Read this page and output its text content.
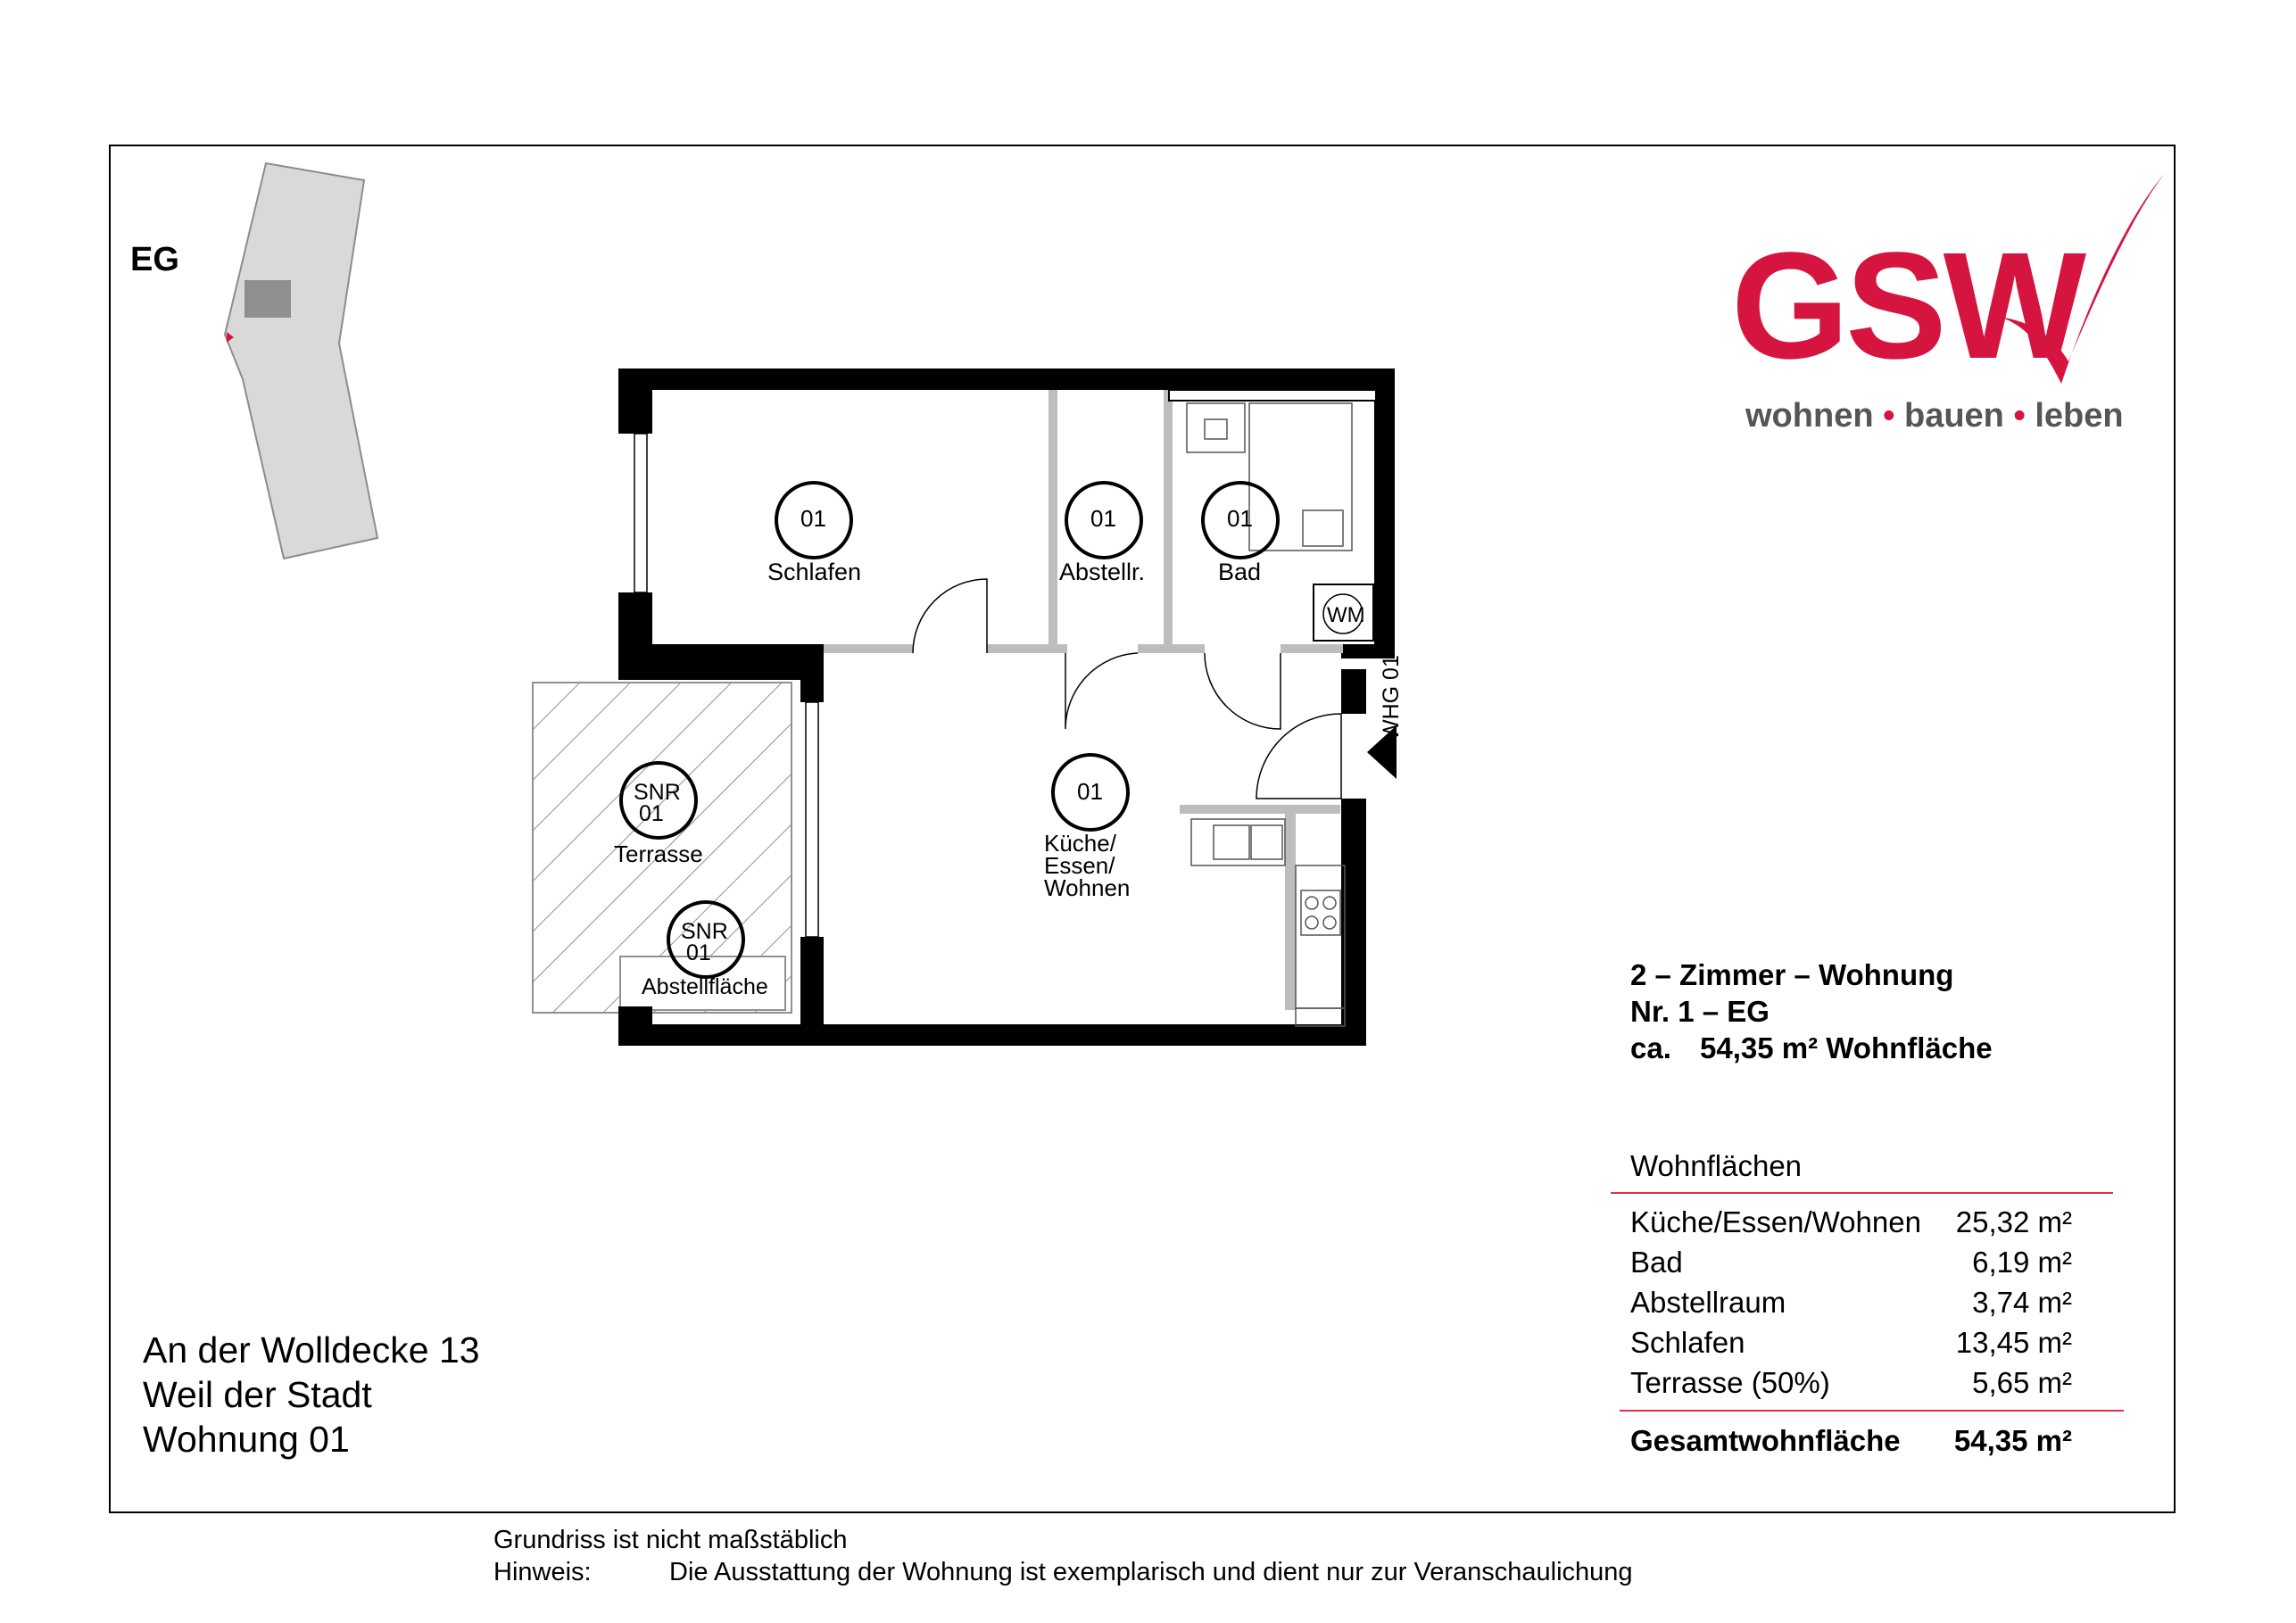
EG	GSW
wohnen • bauen • leben
01
Schlafen
01
Abstellr.
01
Bad
WM
01
Küche/
Essen/
Wohnen
SNR
01
Terrasse
SNR
01
Abstellfläche
WHG 01
2 – Zimmer – Wohnung
Nr. 1 – EG
ca. 54,35 m² Wohnfläche
Wohnflächen
Küche/Essen/Wohnen 25,32 m²
Bad	6,19 m²
Abstellraum	3,74 m²
Schlafen	13,45 m²
Terrasse (50%)	5,65 m²
Gesamtwohnfläche 54,35 m²
An der Wolldecke 13
Weil der Stadt
Wohnung 01
Grundriss ist nicht maßstäblich
Hinweis:	Die Ausstattung der Wohnung ist exemplarisch und dient nur zur Veranschaulichung
